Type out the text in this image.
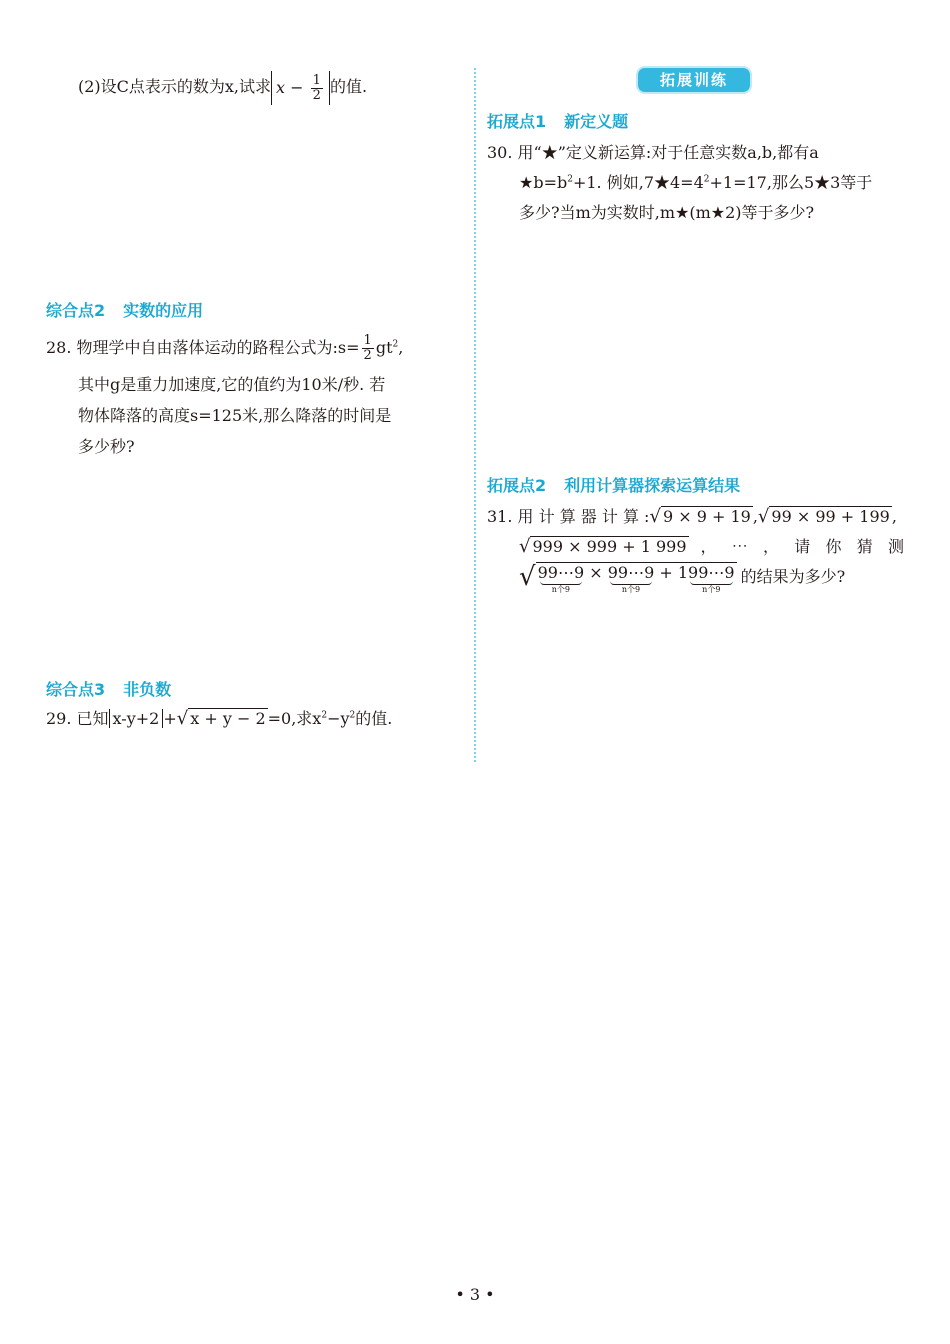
(2)设C点表示的数为x,试求 $x - \frac{1}{2}$ 的值.
综合点2 实数的应用
28. 物理学中自由落体运动的路程公式为:s= $\frac{1}{2} gt^2$,
其中g是重力加速度,它的值约为10米/秒. 若
物体降落的高度s=125米,那么降落的时间是
多少秒?
综合点3 非负数
29. 已知 x-y+2 +√ x + y − 2 =0,求$x^2-y^2$的值.
拓展训练
拓展点1 新定义题
30. 用“★”定义新运算:对于任意实数a,b,都有a
$★b=b^2+1$. 例如$,7★4=4^2+1=17$,那么5★3等于
多少?当m为实数时,m★(m★2)等于多少?
拓展点2 利用计算器探索运算结果
31. 用 计 算 器 计 算 :√ 9 × 9 + 19 ,√ 99 × 99 + 199 ,
√ 999 × 999 + 1 999 ，   ⋯   ，   请   你   猜   测
√ 99⋯9
n个9
× 99⋯9
n个9
+ 199⋯9
n个9
的结果为多少?
• 3 •
